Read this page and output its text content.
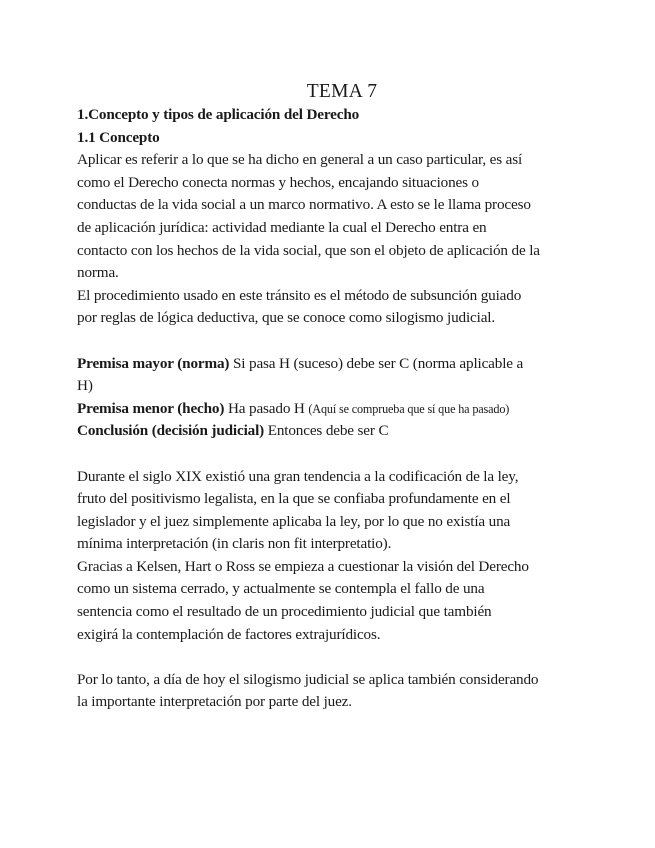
TEMA 7
1.Concepto y tipos de aplicación del Derecho
1.1 Concepto
Aplicar es referir a lo que se ha dicho en general a un caso particular, es así
como el Derecho conecta normas y hechos, encajando situaciones o
conductas de la vida social a un marco normativo. A esto se le llama proceso
de aplicación jurídica: actividad mediante la cual el Derecho entra en
contacto con los hechos de la vida social, que son el objeto de aplicación de la
norma.
El procedimiento usado en este tránsito es el método de subsunción guiado
por reglas de lógica deductiva, que se conoce como silogismo judicial.
Premisa mayor (norma) Si pasa H (suceso) debe ser C (norma aplicable a
H)
Premisa menor (hecho) Ha pasado H (Aquí se comprueba que sí que ha pasado)
Conclusión (decisión judicial) Entonces debe ser C
Durante el siglo XIX existió una gran tendencia a la codificación de la ley,
fruto del positivismo legalista, en la que se confiaba profundamente en el
legislador y el juez simplemente aplicaba la ley, por lo que no existía una
mínima interpretación (in claris non fit interpretatio).
Gracias a Kelsen, Hart o Ross se empieza a cuestionar la visión del Derecho
como un sistema cerrado, y actualmente se contempla el fallo de una
sentencia como el resultado de un procedimiento judicial que también
exigirá la contemplación de factores extrajurídicos.
Por lo tanto, a día de hoy el silogismo judicial se aplica también considerando
la importante interpretación por parte del juez.
